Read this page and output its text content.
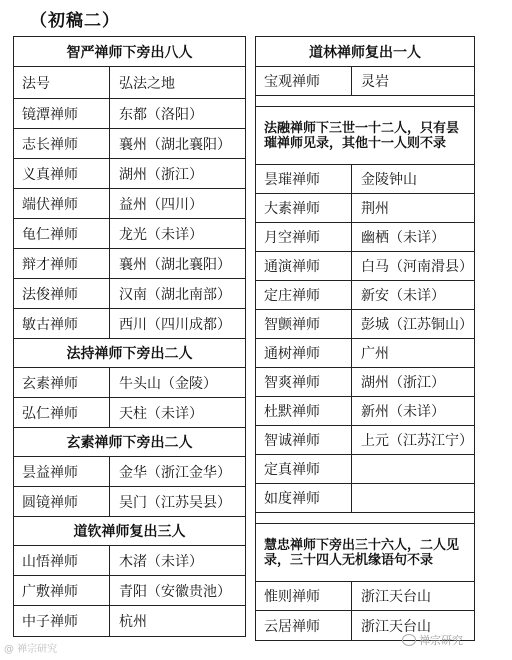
（初稿二）
智严禅师下旁出八人
法号	弘法之地
镜潭禅师	东都（洛阳）
志长禅师	襄州（湖北襄阳）
义真禅师	湖州（浙江）
端伏禅师	益州（四川）
龟仁禅师	龙光（未详）
辩才禅师	襄州（湖北襄阳）
法俊禅师	汉南（湖北南部）
敏古禅师	西川（四川成都）
法持禅师下旁出二人
玄素禅师	牛头山（金陵）
弘仁禅师	天柱（未详）
玄素禅师下旁出二人
昙益禅师	金华（浙江金华）
圆镜禅师	吴门（江苏吴县）
道钦禅师复出三人
山悟禅师	木渚（未详）
广敷禅师	青阳（安徽贵池）
中子禅师	杭州
道林禅师复出一人
宝观禅师	灵岩
法融禅师下三世一十二人，只有昙璀禅师见录，其他十一人则不录
昙璀禅师	金陵钟山
大素禅师	荆州
月空禅师	幽栖（未详）
通演禅师	白马（河南滑县）
定庄禅师	新安（未详）
智颤禅师	彭城（江苏铜山）
通树禅师	广州
智爽禅师	湖州（浙江）
杜默禅师	新州（未详）
智诚禅师	上元（江苏江宁）
定真禅师
如度禅师
慧忠禅师下旁出三十六人，二人见录，三十四人无机缘语句不录
惟则禅师	浙江天台山
云居禅师	浙江天台山
@ 禅宗研究
禅宗研究
